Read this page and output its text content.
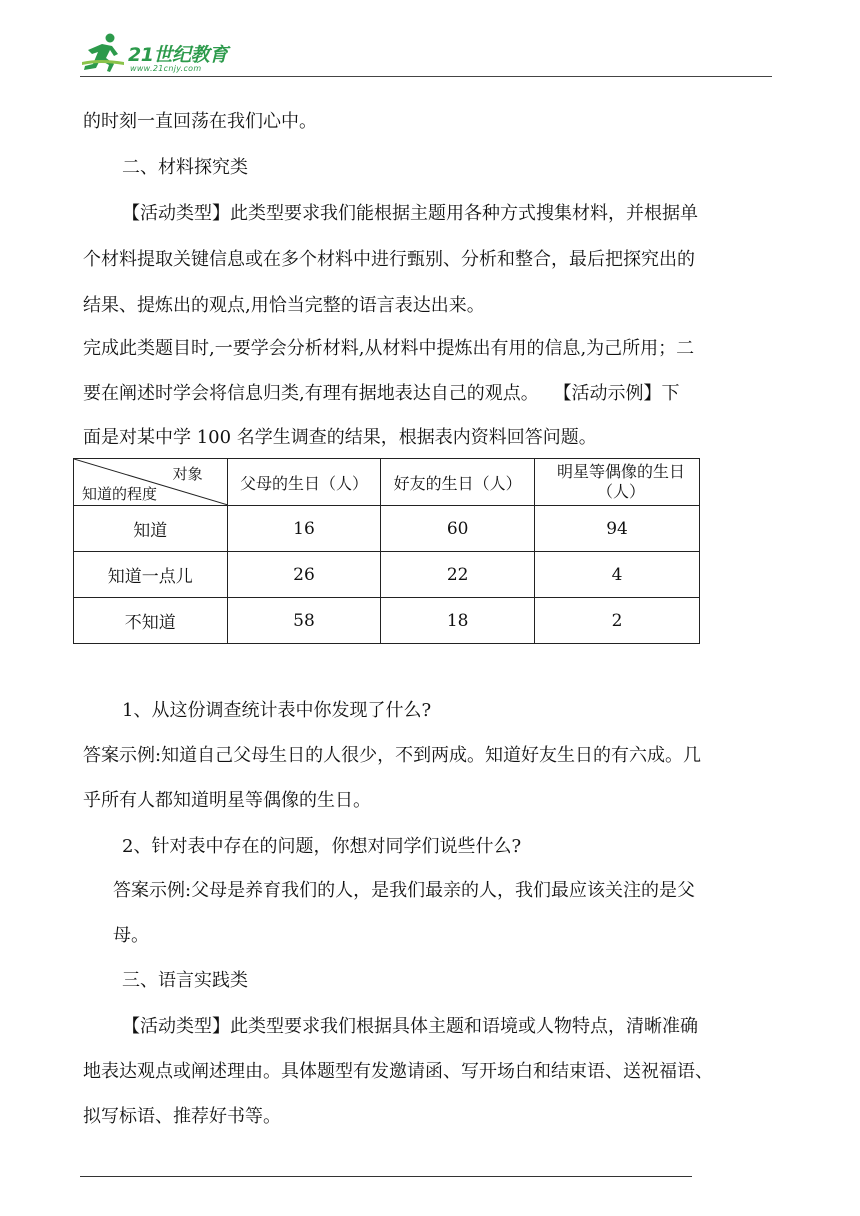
21世纪教育
www.21cnjy.com
的时刻一直回荡在我们心中。
二、材料探究类
【活动类型】此类型要求我们能根据主题用各种方式搜集材料，并根据单
个材料提取关键信息或在多个材料中进行甄别、分析和整合，最后把探究出的
结果、提炼出的观点,用恰当完整的语言表达出来。
完成此类题目时,一要学会分析材料,从材料中提炼出有用的信息,为己所用；二
要在阐述时学会将信息归类,有理有据地表达自己的观点。　 【活动示例】下
面是对某中学 100 名学生调查的结果，根据表内资料回答问题。
对象
知道的程度	父母的生日（人）	好友的生日（人）	明星等偶像的生日（人）
知道	16	60	94
知道一点儿	26	22	4
不知道	58	18	2
1、从这份调查统计表中你发现了什么?
答案示例:知道自己父母生日的人很少，不到两成。知道好友生日的有六成。几
乎所有人都知道明星等偶像的生日。
2、针对表中存在的问题，你想对同学们说些什么?
答案示例:父母是养育我们的人，是我们最亲的人，我们最应该关注的是父
母。
三、语言实践类
【活动类型】此类型要求我们根据具体主题和语境或人物特点，清晰准确
地表达观点或阐述理由。具体题型有发邀请函、写开场白和结束语、送祝福语、
拟写标语、推荐好书等。
